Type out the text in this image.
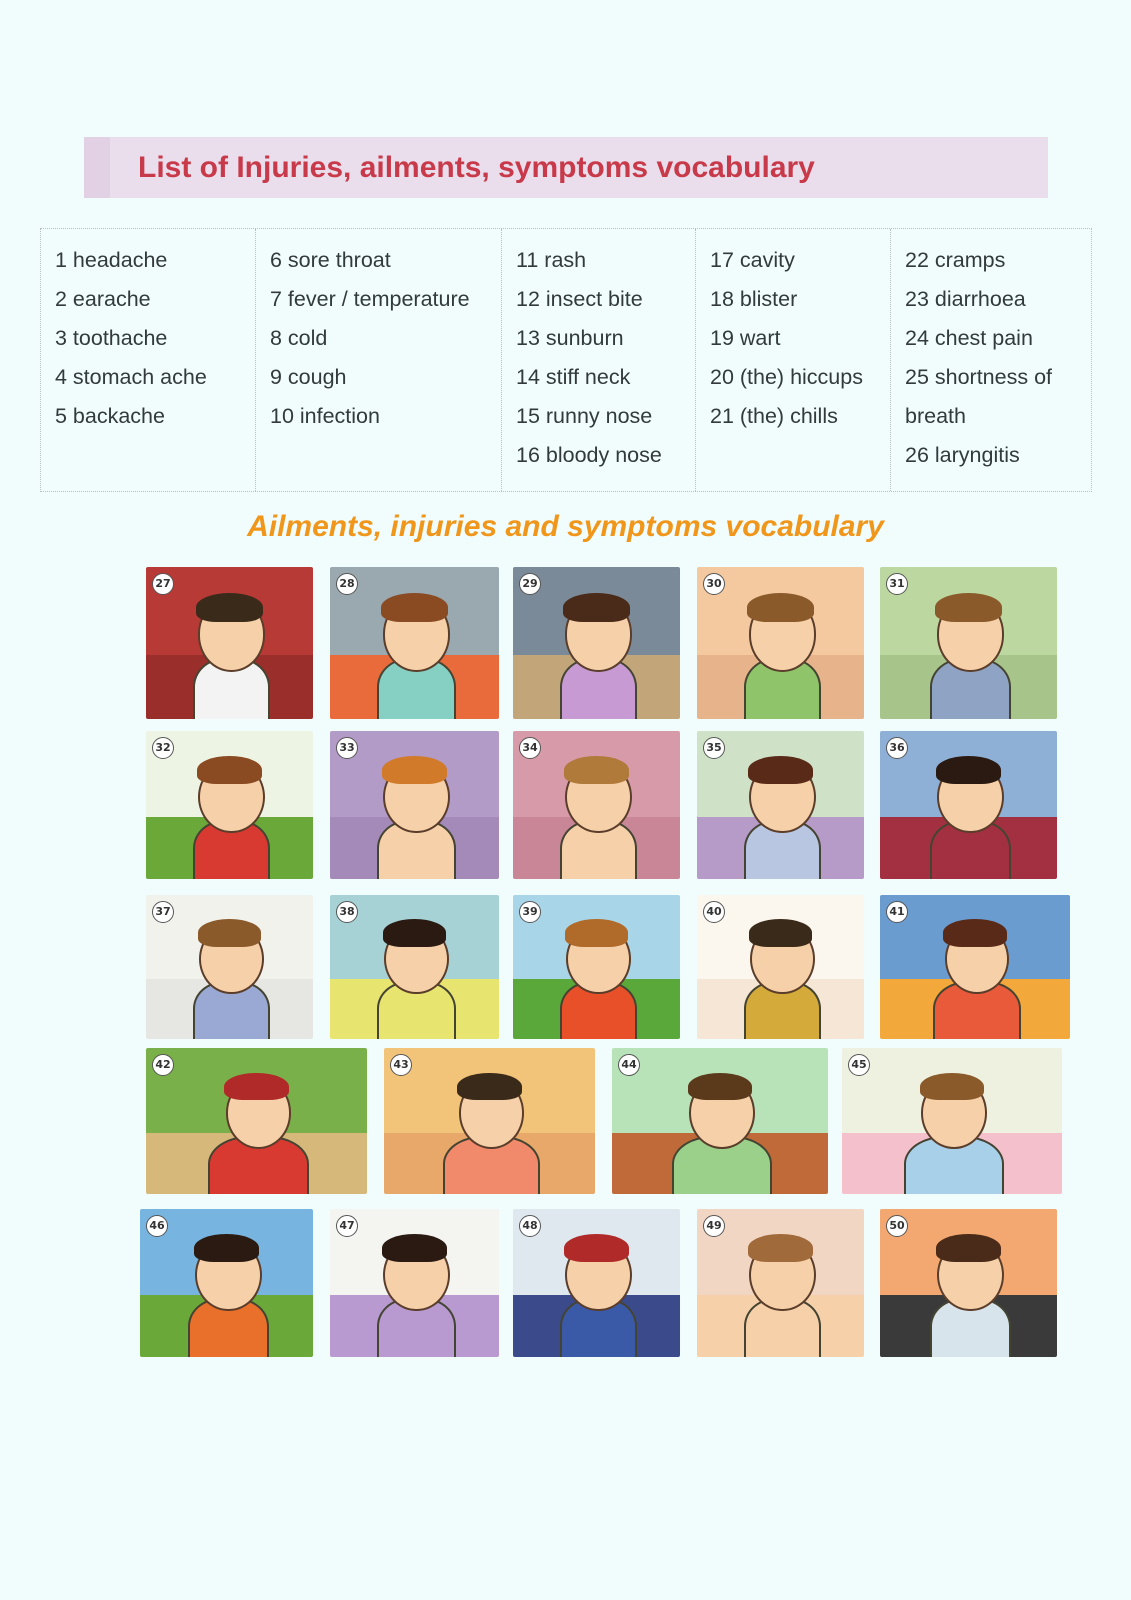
List of Injuries, ailments, symptoms vocabulary
1 headache
2 earache
3 toothache
4 stomach ache
5 backache
6 sore throat
7 fever / temperature
8 cold
9 cough
10 infection
11 rash
12 insect bite
13 sunburn
14 stiff neck
15 runny nose
16 bloody nose
17 cavity
18 blister
19 wart
20 (the) hiccups
21 (the) chills
22 cramps
23 diarrhoea
24 chest pain
25 shortness of
breath
26 laryngitis
Ailments, injuries and symptoms vocabulary
27	28	29	30	31
32	33	34	35	36
37	38	39	40	41
42	43	44	45
46	47	48	49	50
